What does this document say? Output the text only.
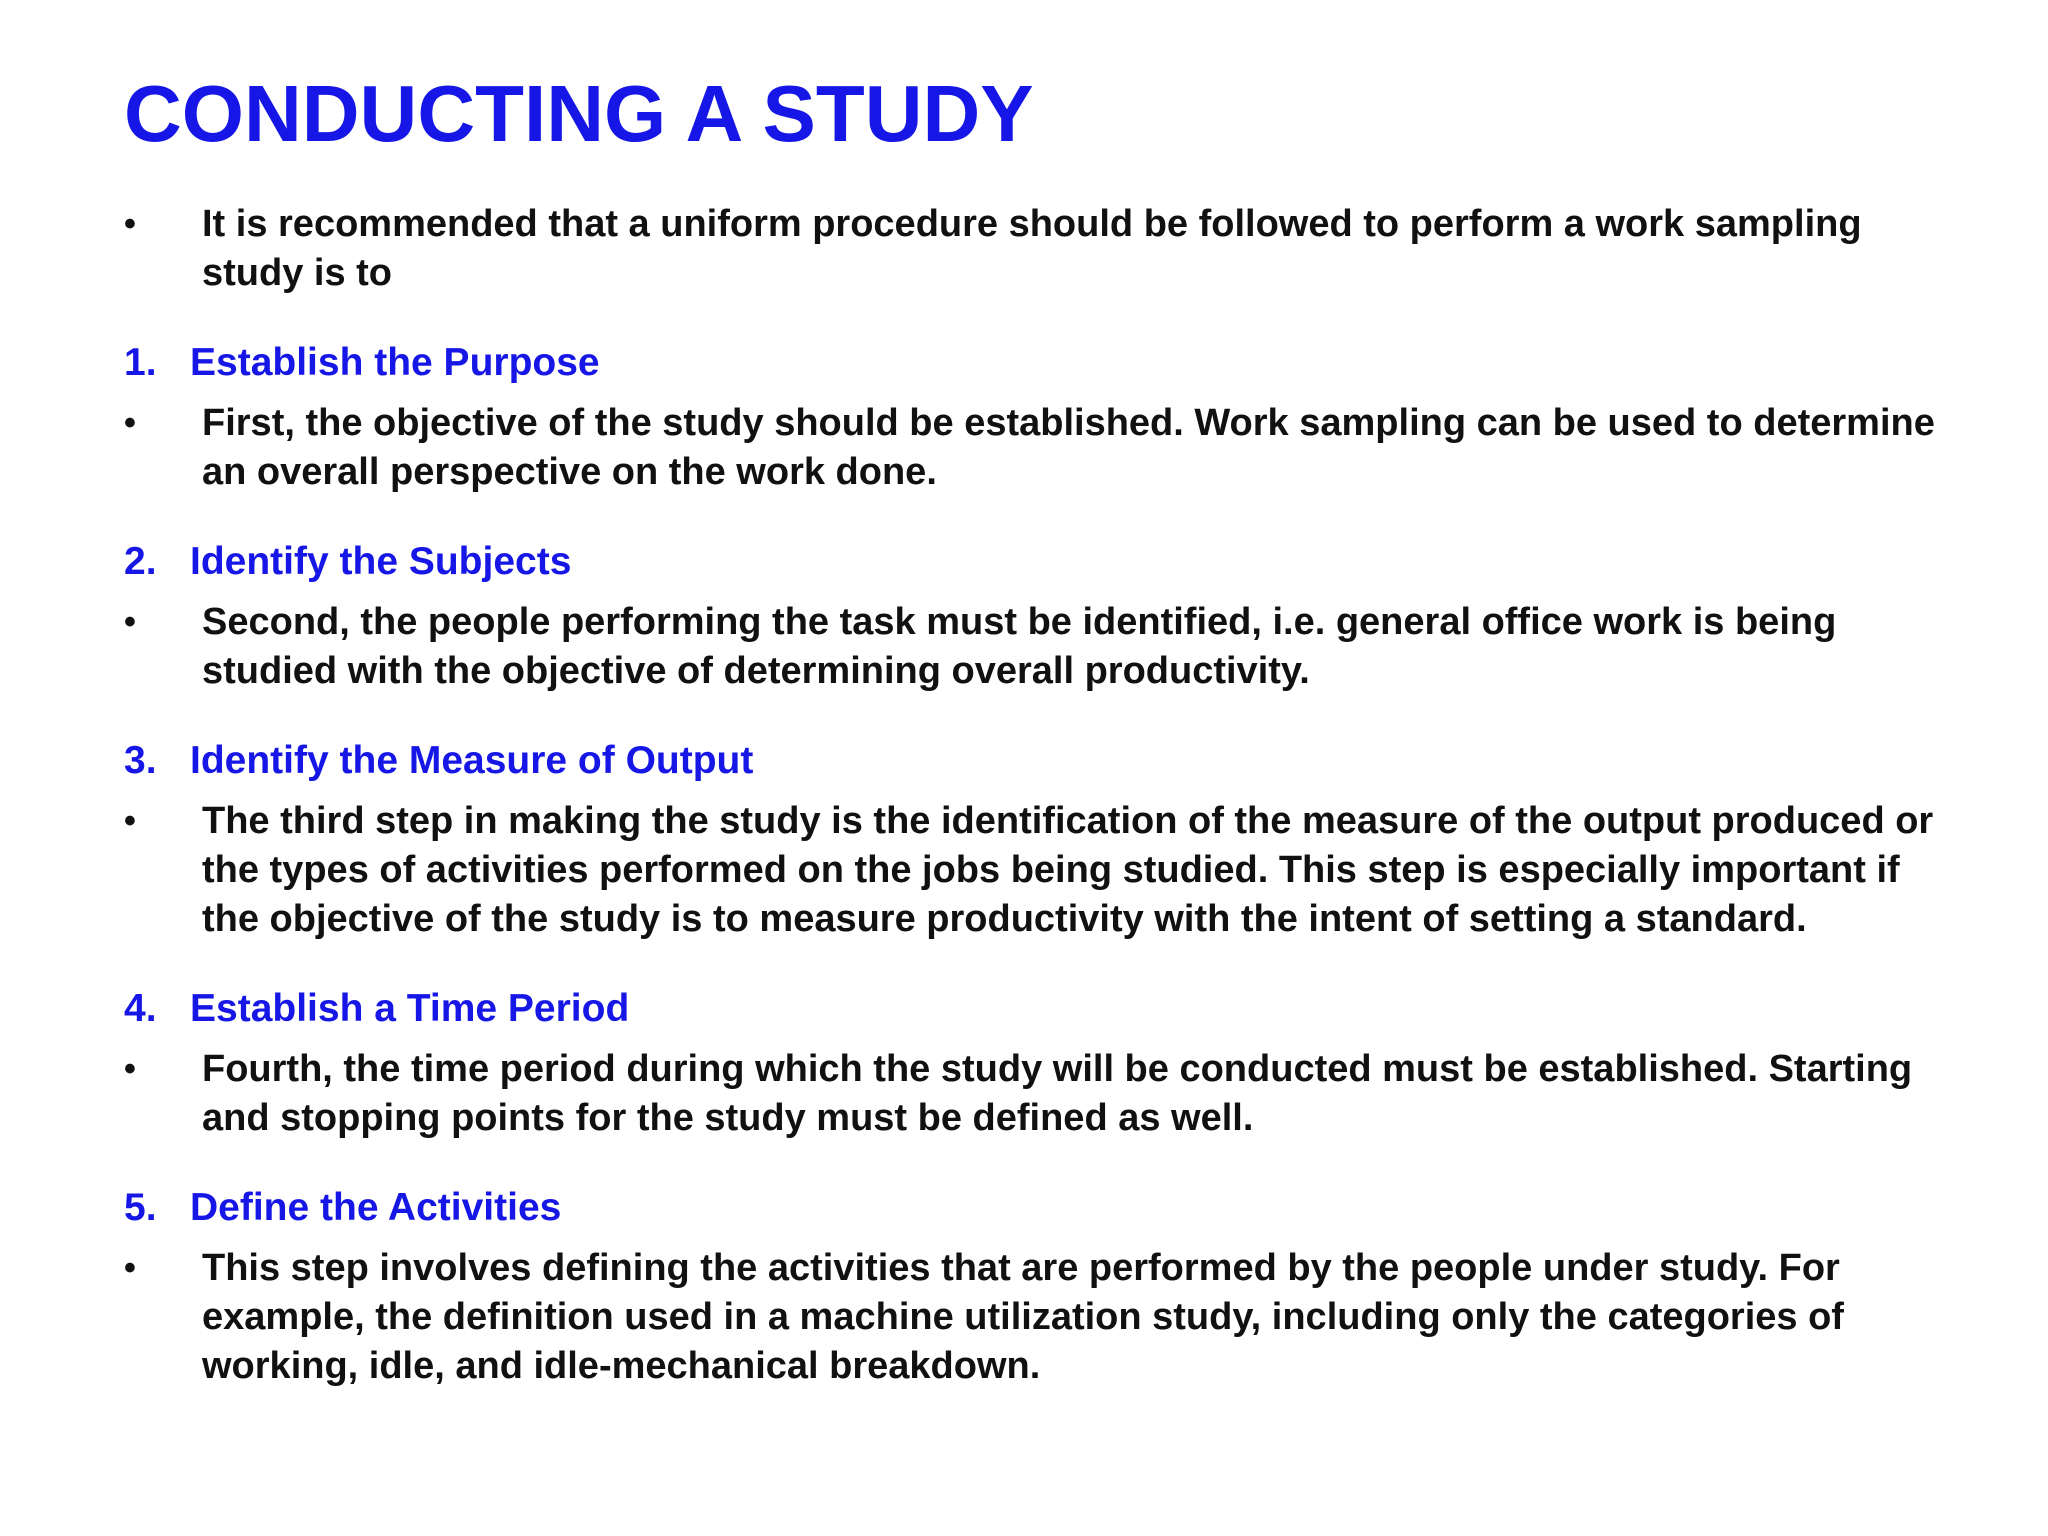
CONDUCTING A STUDY
•	It is recommended that a uniform procedure should be followed to perform a work sampling study is to
1. Establish the Purpose
•	First, the objective of the study should be established. Work sampling can be used to determine an overall perspective on the work done.
2. Identify the Subjects
•	Second, the people performing the task must be identified, i.e. general office work is being studied with the objective of determining overall productivity.
3. Identify the Measure of Output
•	The third step in making the study is the identification of the measure of the output produced or the types of activities performed on the jobs being studied. This step is especially important if the objective of the study is to measure productivity with the intent of setting a standard.
4. Establish a Time Period
•	Fourth, the time period during which the study will be conducted must be established. Starting and stopping points for the study must be defined as well.
5. Define the Activities
•	This step involves defining the activities that are performed by the people under study. For example, the definition used in a machine utilization study, including only the categories of working, idle, and idle-mechanical breakdown.
